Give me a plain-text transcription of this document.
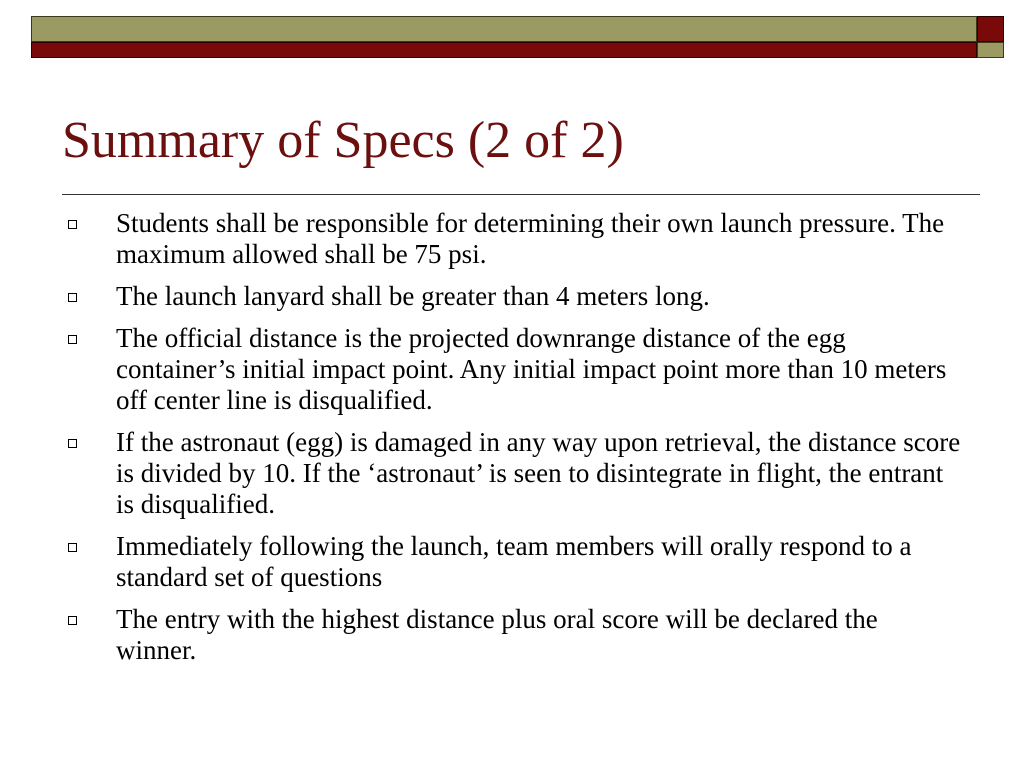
Summary of Specs (2 of 2)
Students shall be responsible for determining their own launch pressure. The maximum allowed shall be 75 psi.
The launch lanyard shall be greater than 4 meters long.
The official distance is the projected downrange distance of the egg container’s initial impact point. Any initial impact point more than 10 meters off center line is disqualified.
If the astronaut (egg) is damaged in any way upon retrieval, the distance score is divided by 10. If the ‘astronaut’ is seen to disintegrate in flight, the entrant is disqualified.
Immediately following the launch, team members will orally respond to a standard set of questions
The entry with the highest distance plus oral score will be declared the winner.
